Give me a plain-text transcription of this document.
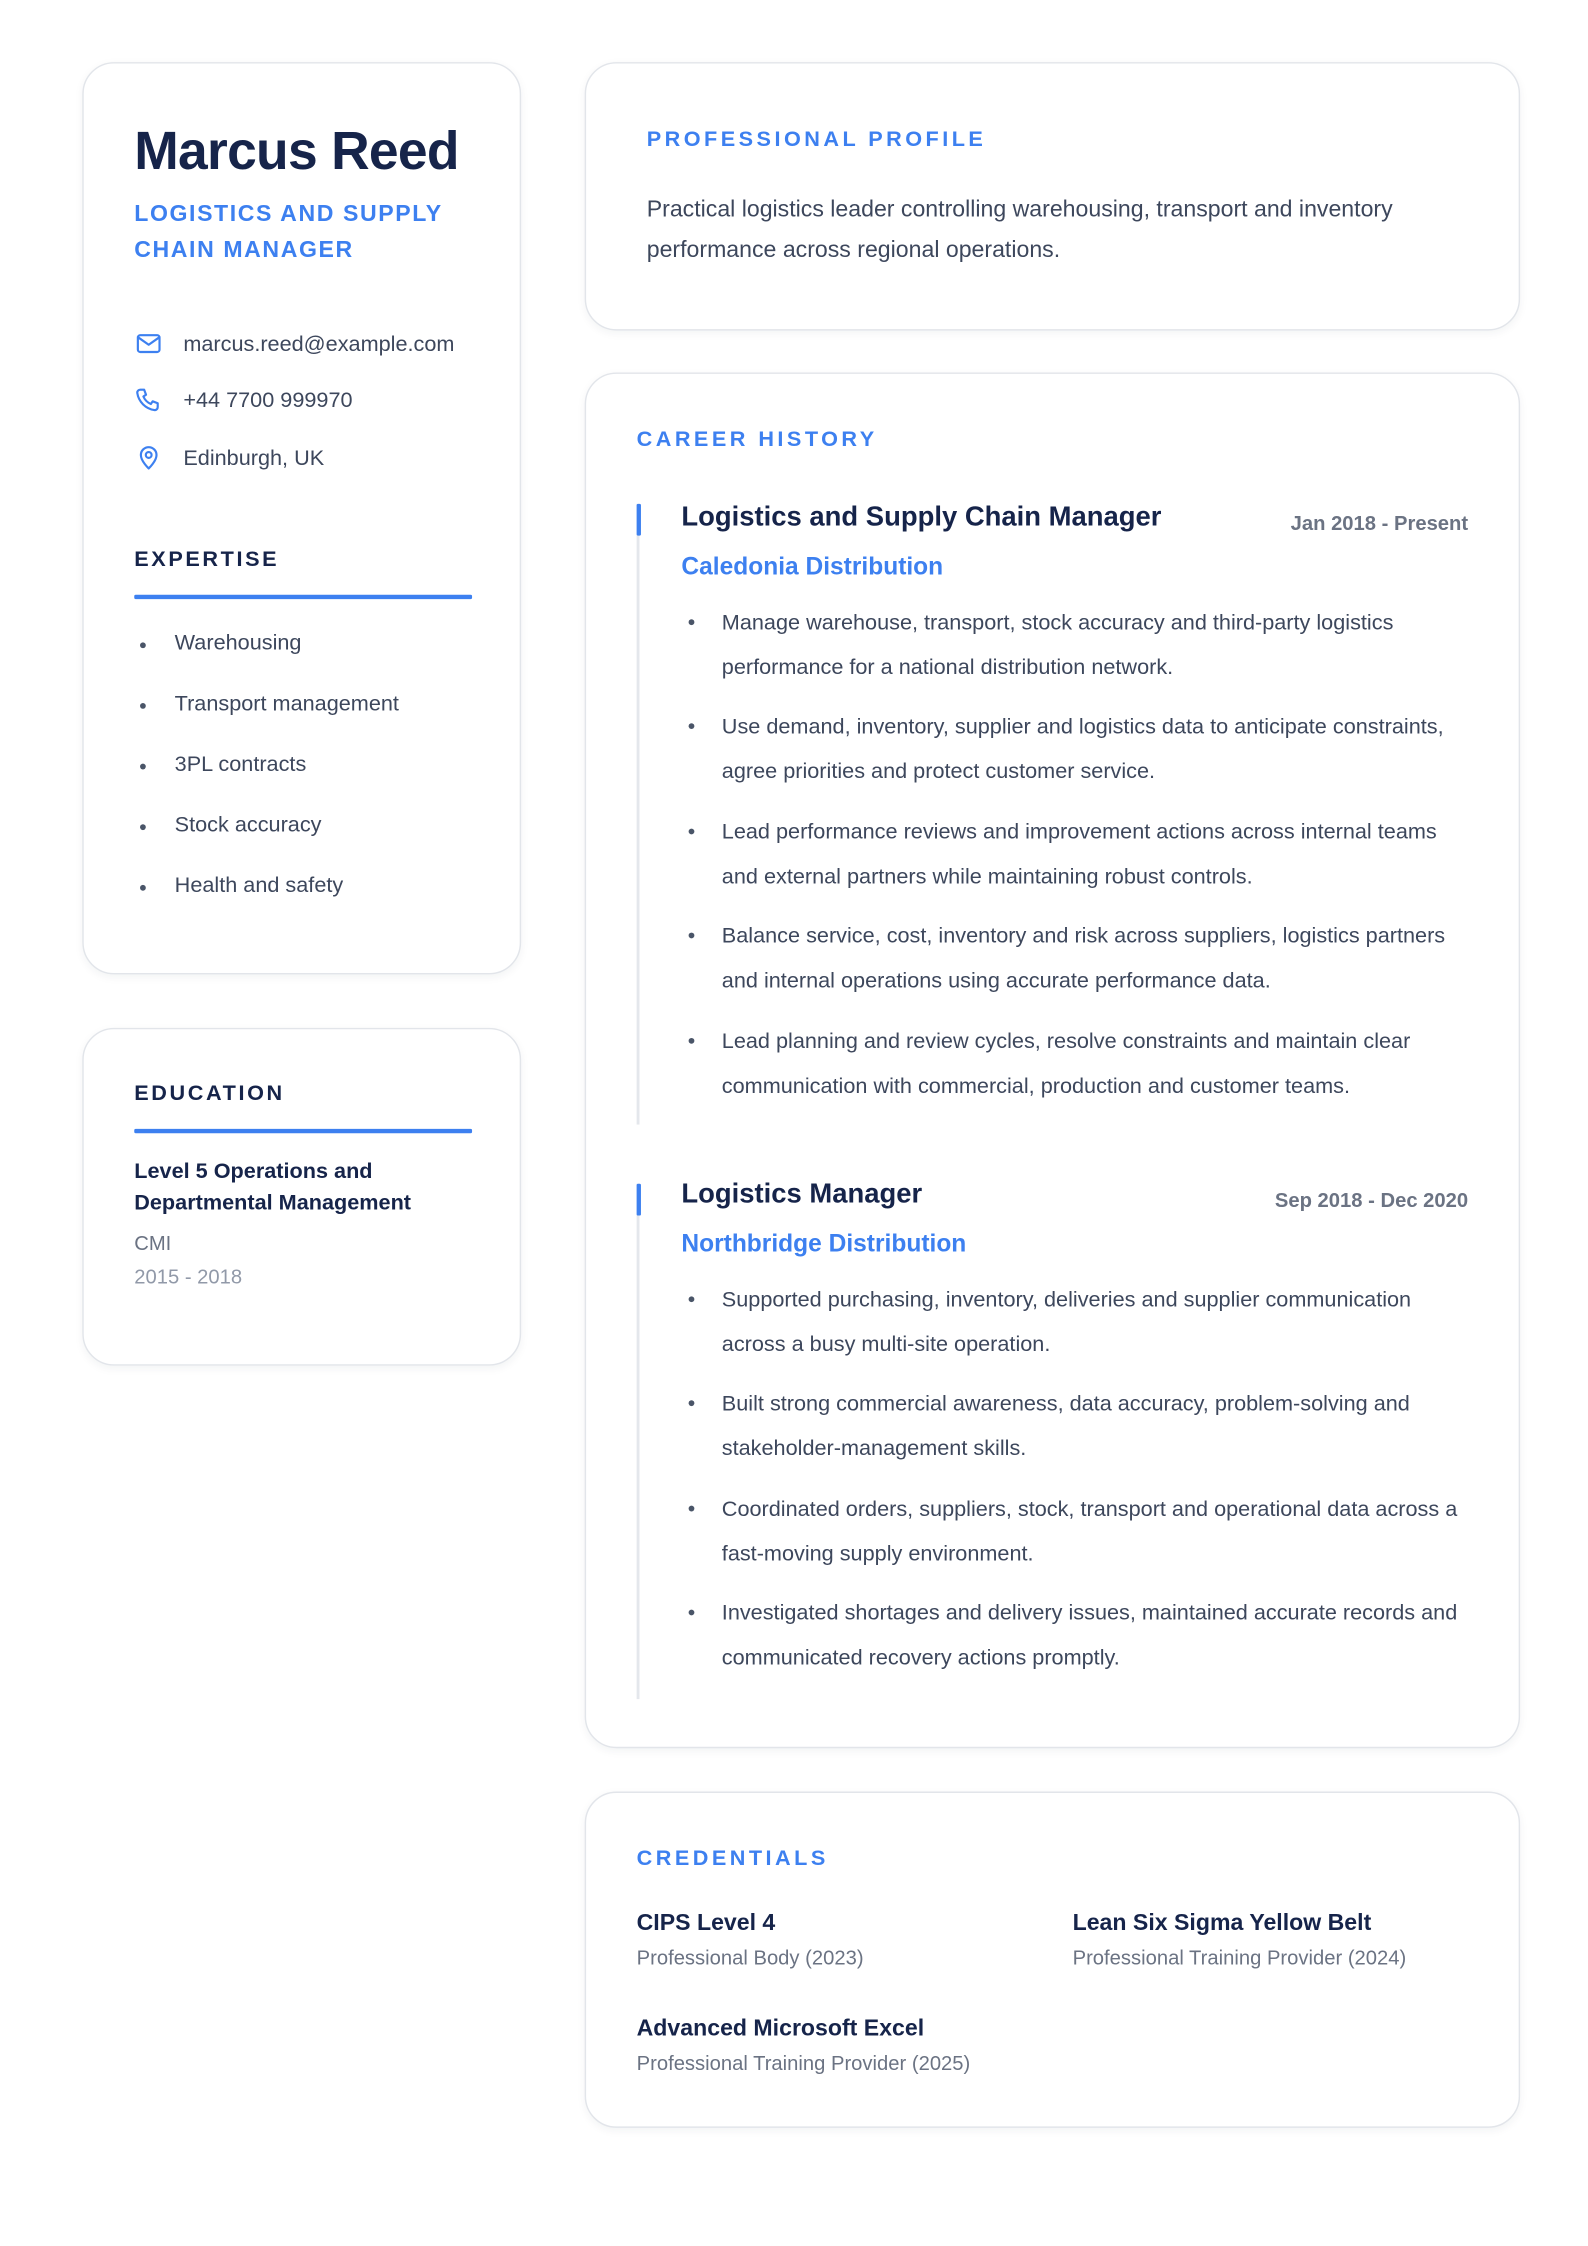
Marcus Reed
LOGISTICS AND SUPPLY CHAIN MANAGER
marcus.reed@example.com
+44 7700 999970
Edinburgh, UK
EXPERTISE
Warehousing
Transport management
3PL contracts
Stock accuracy
Health and safety
EDUCATION
Level 5 Operations and Departmental Management
CMI
2015 - 2018
PROFESSIONAL PROFILE
Practical logistics leader controlling warehousing, transport and inventory performance across regional operations.
CAREER HISTORY
Logistics and Supply Chain Manager	Jan 2018 - Present
Caledonia Distribution
Manage warehouse, transport, stock accuracy and third-party logistics performance for a national distribution network.
Use demand, inventory, supplier and logistics data to anticipate constraints, agree priorities and protect customer service.
Lead performance reviews and improvement actions across internal teams and external partners while maintaining robust controls.
Balance service, cost, inventory and risk across suppliers, logistics partners and internal operations using accurate performance data.
Lead planning and review cycles, resolve constraints and maintain clear communication with commercial, production and customer teams.
Logistics Manager	Sep 2018 - Dec 2020
Northbridge Distribution
Supported purchasing, inventory, deliveries and supplier communication across a busy multi-site operation.
Built strong commercial awareness, data accuracy, problem-solving and stakeholder-management skills.
Coordinated orders, suppliers, stock, transport and operational data across a fast-moving supply environment.
Investigated shortages and delivery issues, maintained accurate records and communicated recovery actions promptly.
CREDENTIALS
CIPS Level 4
Professional Body (2023)
Lean Six Sigma Yellow Belt
Professional Training Provider (2024)
Advanced Microsoft Excel
Professional Training Provider (2025)
